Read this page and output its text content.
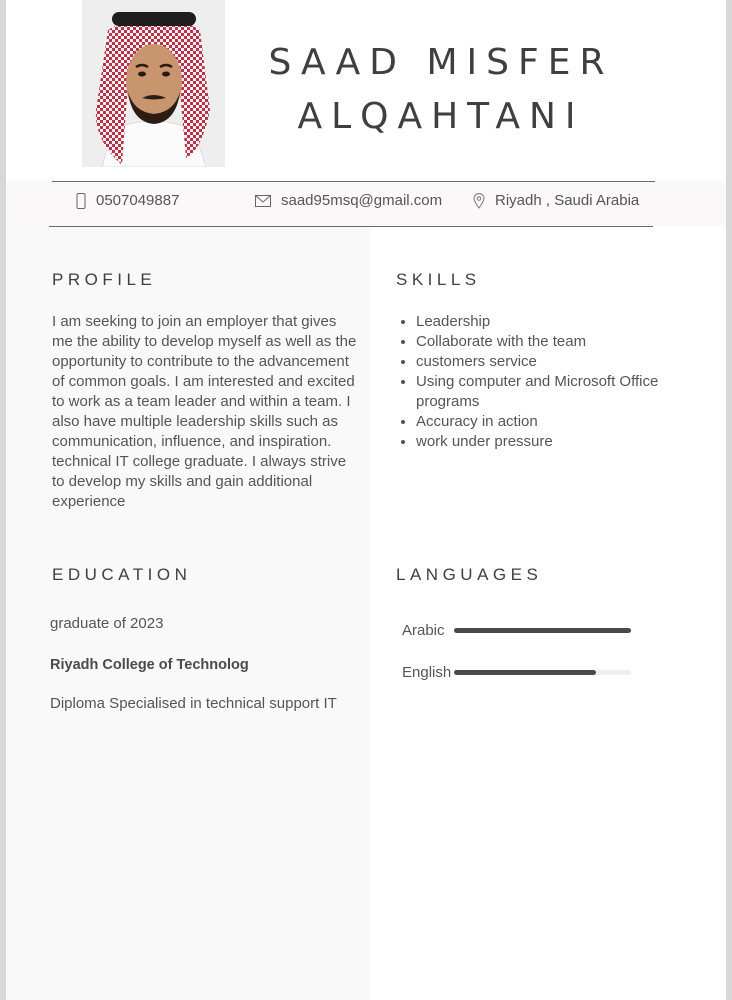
SAAD MISFER
ALQAHTANI
0507049887	saad95msq@gmail.com	Riyadh , Saudi Arabia
PROFILE

I am seeking to join an employer that gives me the ability to develop myself as well as the opportunity to contribute to the advancement of common goals. I am interested and excited to work as a team leader and within a team. I also have multiple leadership skills such as communication, influence, and inspiration. technical IT college graduate. I always strive to develop my skills and gain additional experience

SKILLS
Leadership
Collaborate with the team
customers service
Using computer and Microsoft Office programs
Accuracy in action
work under pressure
EDUCATION
graduate of 2023
Riyadh College of Technolog
Diploma Specialised in technical support IT
LANGUAGES
Arabic
English
